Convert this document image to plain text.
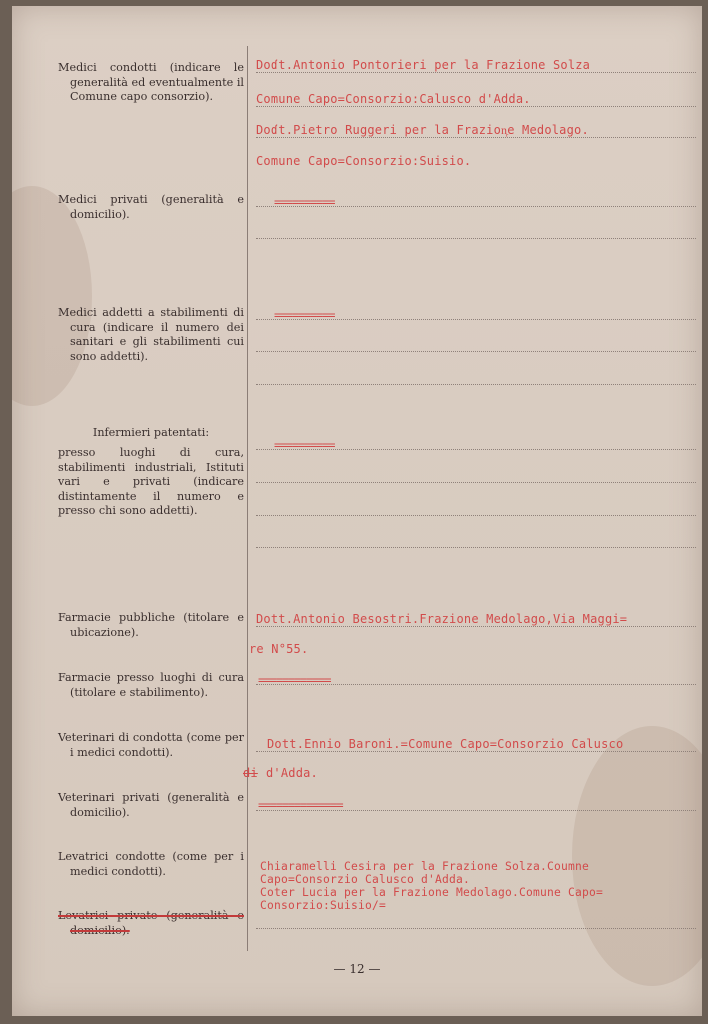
Medici condotti (indicare le generalità ed eventualmente il Comune capo consorzio).
Doɗt.Antonio Pontorieri per la Frazione Solza
Comune Capo=Consorzio:Calusco d'Adda.
Doɗt.Pietro Ruggeri per la Frazion᷊e Medolago.
Comune Capo=Consorzio:Suisio.
Medici privati (generalità e domicilio).
==========
Medici addetti a stabilimenti di cura (indicare il numero dei sanitari e gli stabilimenti cui sono addetti).
==========
Infermieri patentati:
presso luoghi di cura, stabilimenti industriali, Istituti vari e privati (indicare distintamente il numero e presso chi sono addetti).
==========
Farmacie pubbliche (titolare e ubicazione).
Dott.Antonio Besostri.Frazione Medolago,Via Maggi=
re N°55.
Farmacie presso luoghi di cura (titolare e stabilimento).
============
Veterinari di condotta (come per i medici condotti).
Dott.Ennio Baroni.=Comune Capo=Consorzio Calusco
di d'Adda.
Veterinari privati (generalità e domicilio).	==============
Levatrici condotte (come per i medici condotti).	Chiaramelli Cesira per la Frazione Solza.Coumne
Capo=Consorzio Calusco d'Adda.
Coter Lucia per la Frazione Medolago.Comune Capo=
Consorzio:Suisio/=
Levatrici private (generalità e domicilio).
— 12 —
